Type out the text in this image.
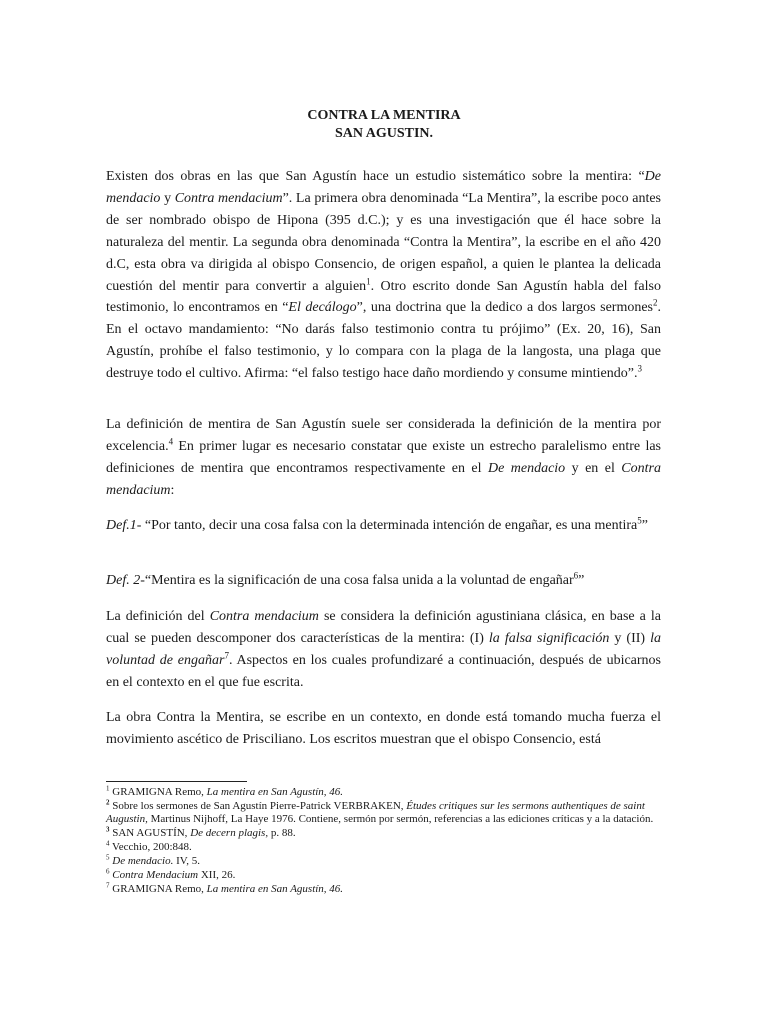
CONTRA LA MENTIRA
SAN AGUSTIN.

Existen dos obras en las que San Agustín hace un estudio sistemático sobre la mentira: “De mendacio y Contra mendacium”. La primera obra denominada “La Mentira”, la escribe poco antes de ser nombrado obispo de Hipona (395 d.C.); y es una investigación que él hace sobre la naturaleza del mentir. La segunda obra denominada “Contra la Mentira”, la escribe en el año 420 d.C, esta obra va dirigida al obispo Consencio, de origen español, a quien le plantea la delicada cuestión del mentir para convertir a alguien$^1$. Otro escrito donde San Agustín habla del falso testimonio, lo encontramos en “El decálogo”, una doctrina que la dedico a dos largos sermones$^2$. En el octavo mandamiento: “No darás falso testimonio contra tu prójimo” (Ex. 20, 16), San Agustín, prohíbe el falso testimonio, y lo compara con la plaga de la langosta, una plaga que destruye todo el cultivo. Afirma: “el falso testigo hace daño mordiendo y consume mintiendo”.$^3$

La definición de mentira de San Agustín suele ser considerada la definición de la mentira por excelencia.$^4$ En primer lugar es necesario constatar que existe un estrecho paralelismo entre las definiciones de mentira que encontramos respectivamente en el De mendacio y en el Contra mendacium:

Def.1- “Por tanto, decir una cosa falsa con la determinada intención de engañar, es una mentira$^5$”

Def. 2-“Mentira es la significación de una cosa falsa unida a la voluntad de engañar$^6$”

La definición del Contra mendacium se considera la definición agustiniana clásica, en base a la cual se pueden descomponer dos características de la mentira: (I) la falsa significación y (II) la voluntad de engañar$^7$. Aspectos en los cuales profundizaré a continuación, después de ubicarnos en el contexto en el que fue escrita.

La obra Contra la Mentira, se escribe en un contexto, en donde está tomando mucha fuerza el movimiento ascético de Prisciliano. Los escritos muestran que el obispo Consencio, está

$^1$ GRAMIGNA Remo, La mentira en San Agustín, 46.
$^2$ Sobre los sermones de San Agustín Pierre-Patrick VERBRAKEN, Études critiques sur les sermons authentiques de saint Augustin, Martinus Nijhoff, La Haye 1976. Contiene, sermón por sermón, referencias a las ediciones críticas y a la datación.
$^3$ SAN AGUSTÍN, De decern plagis, p. 88.
$^4$ Vecchio, 200:848.
$^5$ De mendacio. IV, 5.
$^6$ Contra Mendacium XII, 26.
$^7$ GRAMIGNA Remo, La mentira en San Agustín, 46.
